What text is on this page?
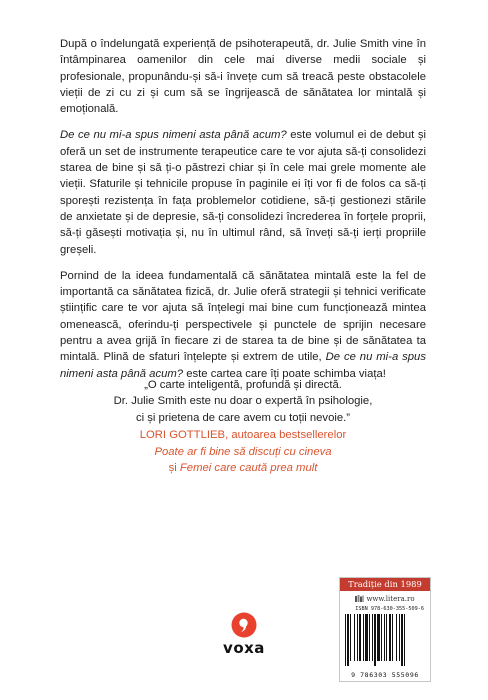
După o îndelungată experiență de psihoterapeută, dr. Julie Smith vine în întâmpinarea oamenilor din cele mai diverse medii sociale și profesionale, propunându-și să-i învețe cum să treacă peste obstacolele vieții de zi cu zi și cum să se îngrijească de sănătatea lor mintală și emoțională.

De ce nu mi-a spus nimeni asta până acum? este volumul ei de debut și oferă un set de instrumente terapeutice care te vor ajuta să-ți consolidezi starea de bine și să ți-o păstrezi chiar și în cele mai grele momente ale vieții. Sfaturile și tehnicile propuse în paginile ei îți vor fi de folos ca să-ți sporești rezistența în fața problemelor cotidiene, să-ți gestionezi stările de anxietate și de depresie, să-ți consolidezi încrederea în forțele proprii, să-ți găsești motivația și, nu în ultimul rând, să înveți să-ți ierți propriile greșeli.

Pornind de la ideea fundamentală că sănătatea mintală este la fel de importantă ca sănătatea fizică, dr. Julie oferă strategii și tehnici verificate științific care te vor ajuta să înțelegi mai bine cum funcționează mintea omenească, oferindu-ți perspectivele și punctele de sprijin necesare pentru a avea grijă în fiecare zi de starea ta de bine și de sănătatea ta mintală. Plină de sfaturi înțelepte și extrem de utile, De ce nu mi-a spus nimeni asta până acum? este cartea care îți poate schimba viața!

„O carte inteligentă, profundă și directă.
Dr. Julie Smith este nu doar o expertă în psihologie,
ci și prietena de care avem cu toții nevoie.”
LORI GOTTLIEB, autoarea bestsellerelor
Poate ar fi bine să discuți cu cineva
și Femei care caută prea mult
voxa
Tradiție din 1989
www.litera.ro
ISBN 978-630-355-509-6
9 786303 555096
